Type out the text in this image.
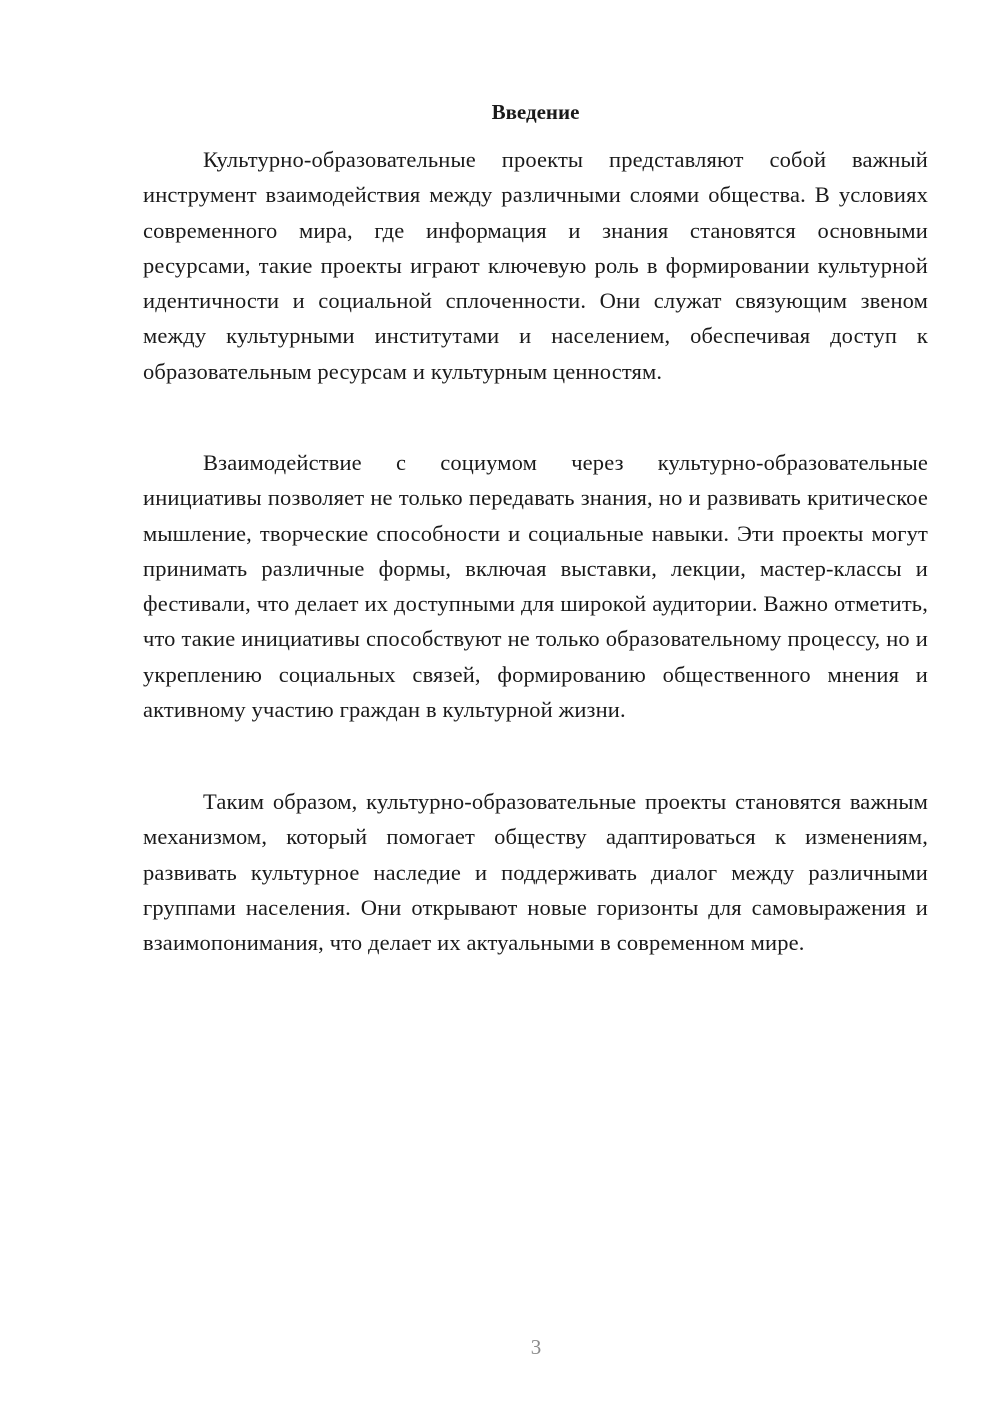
Введение

Культурно-образовательные проекты представляют собой важный инструмент взаимодействия между различными слоями общества. В условиях современного мира, где информация и знания становятся основными ресурсами, такие проекты играют ключевую роль в формировании культурной идентичности и социальной сплоченности. Они служат связующим звеном между культурными институтами и населением, обеспечивая доступ к образовательным ресурсам и культурным ценностям.

Взаимодействие с социумом через культурно-образовательные инициативы позволяет не только передавать знания, но и развивать критическое мышление, творческие способности и социальные навыки. Эти проекты могут принимать различные формы, включая выставки, лекции, мастер-классы и фестивали, что делает их доступными для широкой аудитории. Важно отметить, что такие инициативы способствуют не только образовательному процессу, но и укреплению социальных связей, формированию общественного мнения и активному участию граждан в культурной жизни.

Таким образом, культурно-образовательные проекты становятся важным механизмом, который помогает обществу адаптироваться к изменениям, развивать культурное наследие и поддерживать диалог между различными группами населения. Они открывают новые горизонты для самовыражения и взаимопонимания, что делает их актуальными в современном мире.

3
